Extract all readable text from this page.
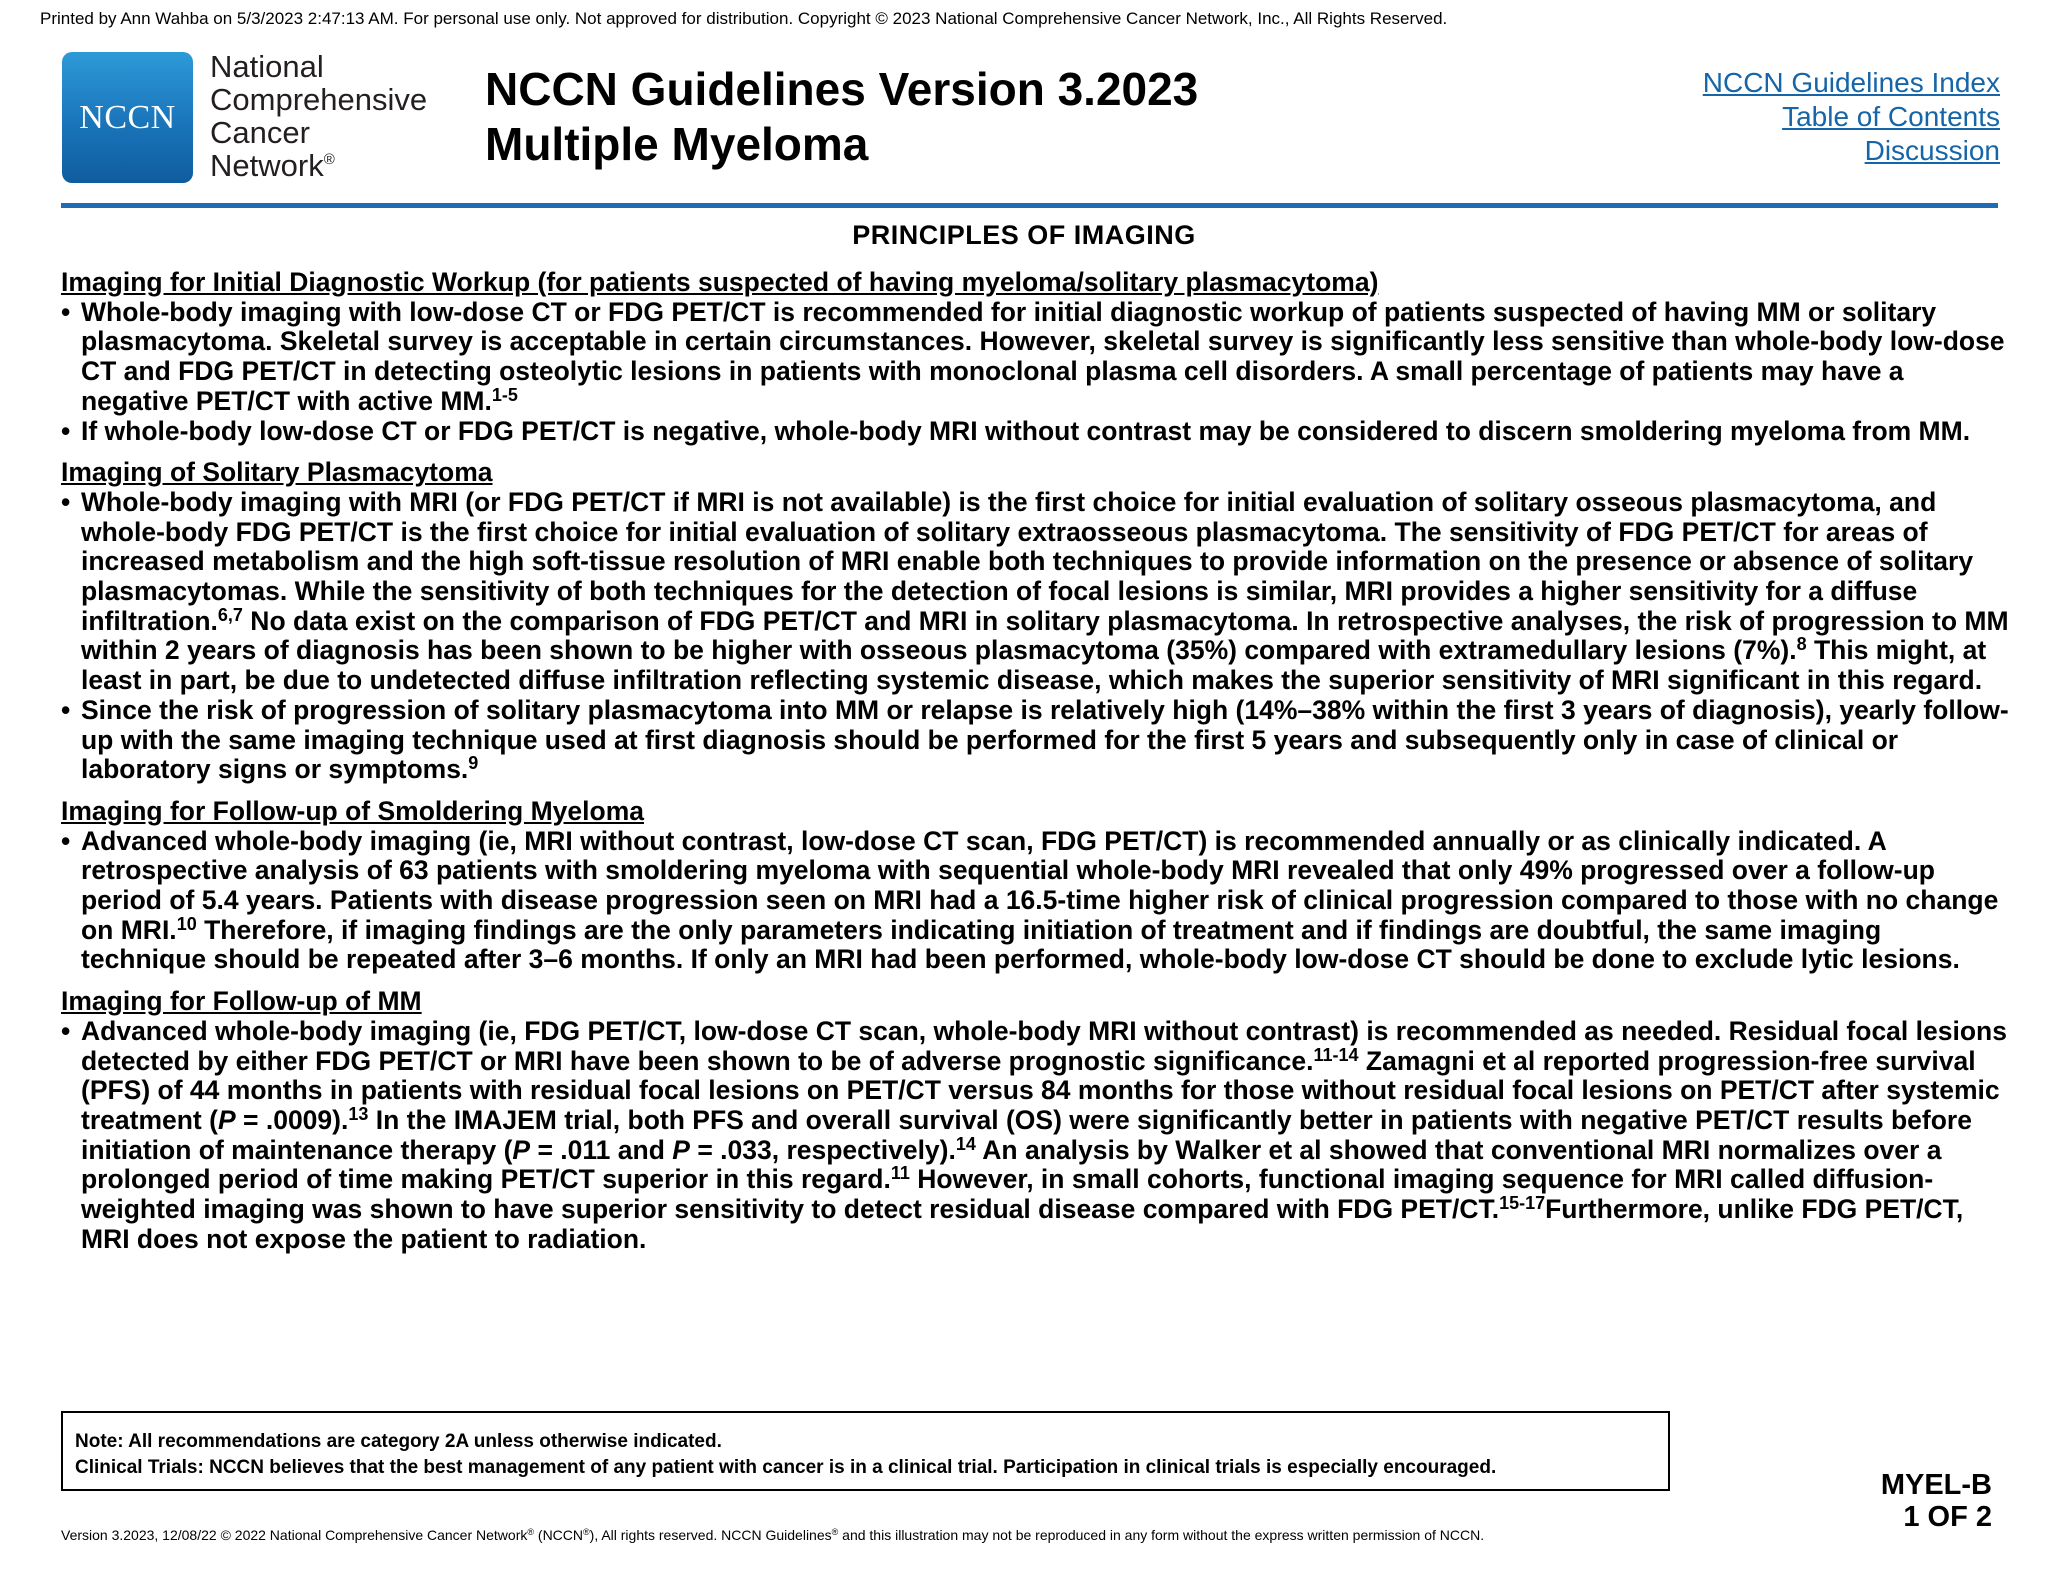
Printed by Ann Wahba on 5/3/2023 2:47:13 AM. For personal use only. Not approved for distribution. Copyright © 2023 National Comprehensive Cancer Network, Inc., All Rights Reserved.
NCCN
National
Comprehensive
Cancer
Network®
NCCN Guidelines Version 3.2023
Multiple Myeloma
NCCN Guidelines Index
Table of Contents
Discussion
PRINCIPLES OF IMAGING
Imaging for Initial Diagnostic Workup (for patients suspected of having myeloma/solitary plasmacytoma)
• Whole-body imaging with low-dose CT or FDG PET/CT is recommended for initial diagnostic workup of patients suspected of having MM or solitary plasmacytoma. Skeletal survey is acceptable in certain circumstances. However, skeletal survey is significantly less sensitive than whole-body low-dose CT and FDG PET/CT in detecting osteolytic lesions in patients with monoclonal plasma cell disorders. A small percentage of patients may have a negative PET/CT with active MM.$^{1-5}$
• If whole-body low-dose CT or FDG PET/CT is negative, whole-body MRI without contrast may be considered to discern smoldering myeloma from MM.
Imaging of Solitary Plasmacytoma
• Whole-body imaging with MRI (or FDG PET/CT if MRI is not available) is the first choice for initial evaluation of solitary osseous plasmacytoma, and whole-body FDG PET/CT is the first choice for initial evaluation of solitary extraosseous plasmacytoma. The sensitivity of FDG PET/CT for areas of increased metabolism and the high soft-tissue resolution of MRI enable both techniques to provide information on the presence or absence of solitary plasmacytomas. While the sensitivity of both techniques for the detection of focal lesions is similar, MRI provides a higher sensitivity for a diffuse infiltration.$^{6,7}$ No data exist on the comparison of FDG PET/CT and MRI in solitary plasmacytoma. In retrospective analyses, the risk of progression to MM within 2 years of diagnosis has been shown to be higher with osseous plasmacytoma (35%) compared with extramedullary lesions (7%).$^8$ This might, at least in part, be due to undetected diffuse infiltration reflecting systemic disease, which makes the superior sensitivity of MRI significant in this regard.
• Since the risk of progression of solitary plasmacytoma into MM or relapse is relatively high (14%–38% within the first 3 years of diagnosis), yearly follow-up with the same imaging technique used at first diagnosis should be performed for the first 5 years and subsequently only in case of clinical or laboratory signs or symptoms.$^9$
Imaging for Follow-up of Smoldering Myeloma
• Advanced whole-body imaging (ie, MRI without contrast, low-dose CT scan, FDG PET/CT) is recommended annually or as clinically indicated. A retrospective analysis of 63 patients with smoldering myeloma with sequential whole-body MRI revealed that only 49% progressed over a follow-up period of 5.4 years. Patients with disease progression seen on MRI had a 16.5-time higher risk of clinical progression compared to those with no change on MRI.$^{10}$ Therefore, if imaging findings are the only parameters indicating initiation of treatment and if findings are doubtful, the same imaging technique should be repeated after 3–6 months. If only an MRI had been performed, whole-body low-dose CT should be done to exclude lytic lesions.
Imaging for Follow-up of MM
• Advanced whole-body imaging (ie, FDG PET/CT, low-dose CT scan, whole-body MRI without contrast) is recommended as needed. Residual focal lesions detected by either FDG PET/CT or MRI have been shown to be of adverse prognostic significance.$^{11-14}$ Zamagni et al reported progression-free survival (PFS) of 44 months in patients with residual focal lesions on PET/CT versus 84 months for those without residual focal lesions on PET/CT after systemic treatment (P = .0009).$^{13}$ In the IMAJEM trial, both PFS and overall survival (OS) were significantly better in patients with negative PET/CT results before initiation of maintenance therapy (P = .011 and P = .033, respectively).$^{14}$ An analysis by Walker et al showed that conventional MRI normalizes over a prolonged period of time making PET/CT superior in this regard.$^{11}$ However, in small cohorts, functional imaging sequence for MRI called diffusion-weighted imaging was shown to have superior sensitivity to detect residual disease compared with FDG PET/CT.$^{15-17}$Furthermore, unlike FDG PET/CT, MRI does not expose the patient to radiation.
Note: All recommendations are category 2A unless otherwise indicated.
Clinical Trials: NCCN believes that the best management of any patient with cancer is in a clinical trial. Participation in clinical trials is especially encouraged.
MYEL-B
1 OF 2
Version 3.2023, 12/08/22 © 2022 National Comprehensive Cancer Network® (NCCN®), All rights reserved. NCCN Guidelines® and this illustration may not be reproduced in any form without the express written permission of NCCN.
